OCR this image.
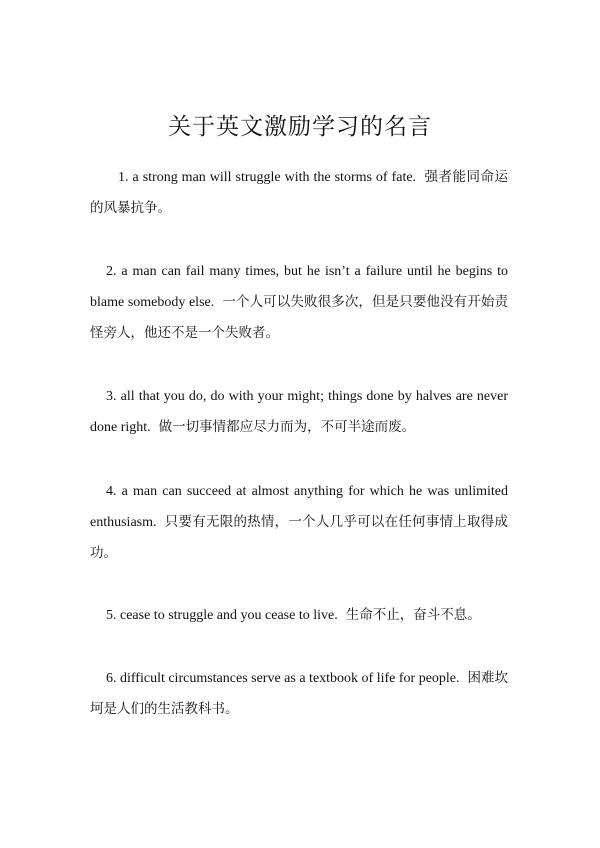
关于英文激励学习的名言
1. a strong man will struggle with the storms of fate. 强者能同命运的风暴抗争。
2. a man can fail many times, but he isn’t a failure until he begins to blame somebody else. 一个人可以失败很多次，但是只要他没有开始责怪旁人，他还不是一个失败者。
3. all that you do, do with your might; things done by halves are never done right. 做一切事情都应尽力而为，不可半途而废。
4. a man can succeed at almost anything for which he was unlimited enthusiasm. 只要有无限的热情，一个人几乎可以在任何事情上取得成功。
5. cease to struggle and you cease to live. 生命不止，奋斗不息。
6. difficult circumstances serve as a textbook of life for people. 困难坎坷是人们的生活教科书。
